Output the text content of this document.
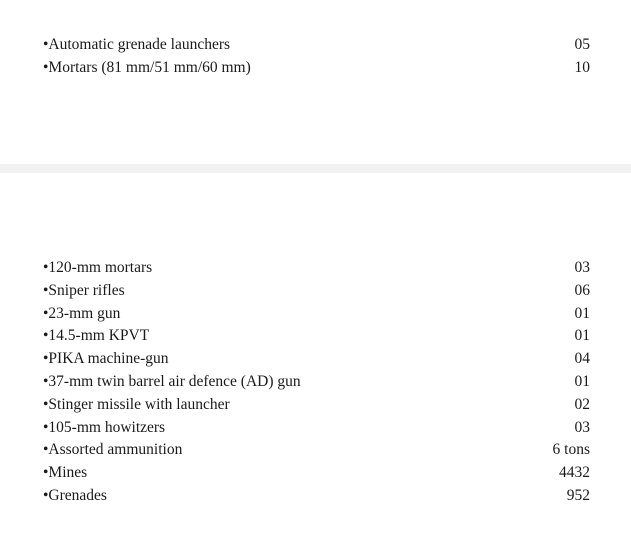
•Automatic grenade launchers	05
•Mortars (81 mm/51 mm/60 mm)	10
•120-mm mortars	03
•Sniper rifles	06
•23-mm gun	01
•14.5-mm KPVT	01
•PIKA machine-gun	04
•37-mm twin barrel air defence (AD) gun	01
•Stinger missile with launcher	02
•105-mm howitzers	03
•Assorted ammunition	6 tons
•Mines	4432
•Grenades	952
